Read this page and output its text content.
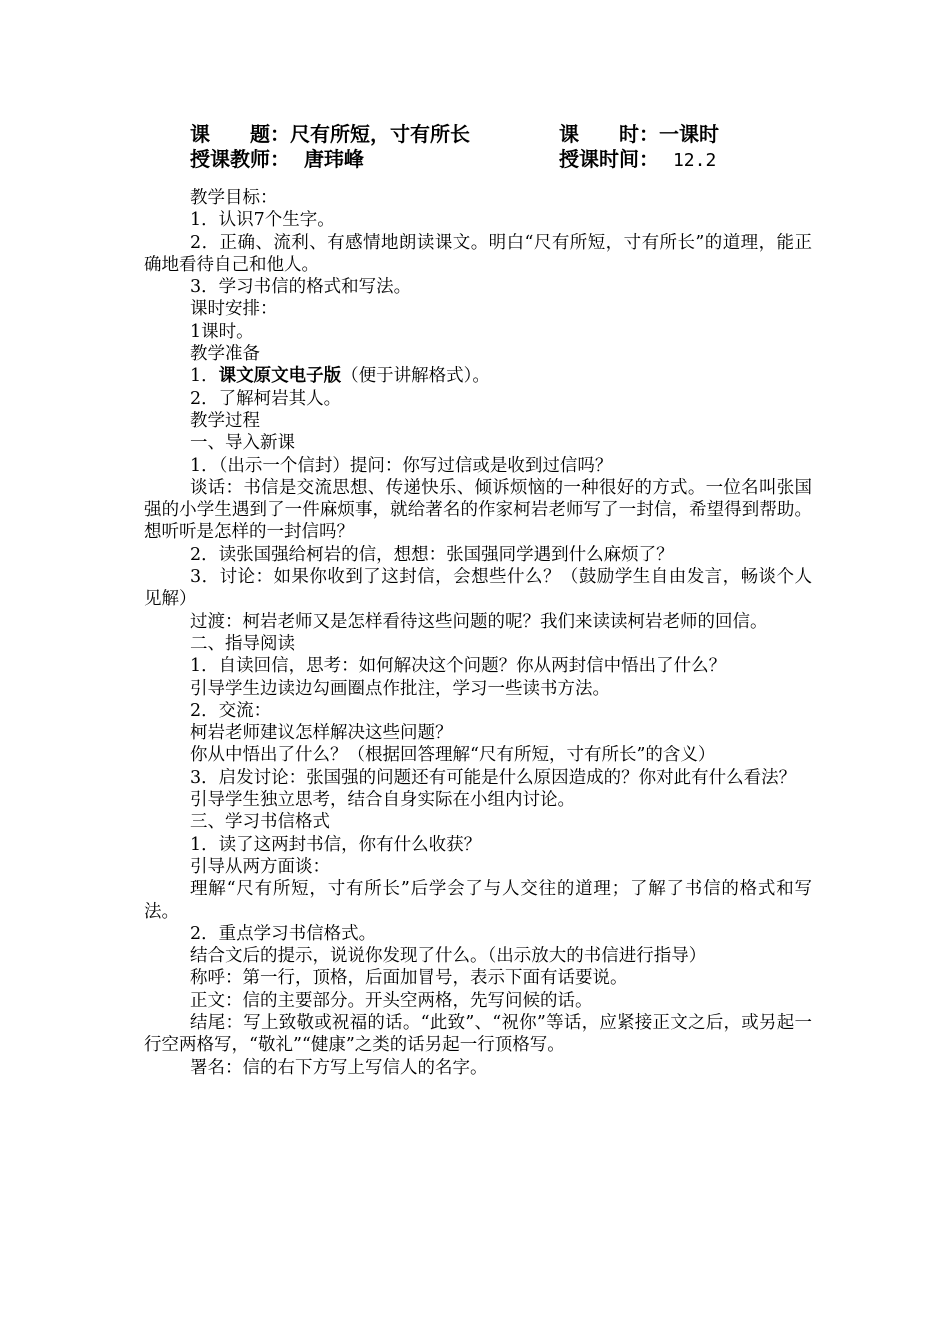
课　　题：尺有所短，寸有所长	课　　时：一课时
授课教师： 唐玮峰	授课时间： 12.2

教学目标：

1．认识7个生字。

2．正确、流利、有感情地朗读课文。明白“尺有所短，寸有所长”的道理，能正确地看待自己和他人。

3．学习书信的格式和写法。

课时安排：

1课时。

教学准备

1．课文原文电子版（便于讲解格式）。

2．了解柯岩其人。

教学过程

一、导入新课

1．（出示一个信封）提问：你写过信或是收到过信吗？

谈话：书信是交流思想、传递快乐、倾诉烦恼的一种很好的方式。一位名叫张国强的小学生遇到了一件麻烦事，就给著名的作家柯岩老师写了一封信，希望得到帮助。想听听是怎样的一封信吗？

2．读张国强给柯岩的信，想想：张国强同学遇到什么麻烦了？

3．讨论：如果你收到了这封信，会想些什么？（鼓励学生自由发言，畅谈个人见解）

过渡：柯岩老师又是怎样看待这些问题的呢？我们来读读柯岩老师的回信。

二、指导阅读

1．自读回信，思考：如何解决这个问题？你从两封信中悟出了什么？

引导学生边读边勾画圈点作批注，学习一些读书方法。

2．交流：

柯岩老师建议怎样解决这些问题？

你从中悟出了什么？（根据回答理解“尺有所短，寸有所长”的含义）

3．启发讨论：张国强的问题还有可能是什么原因造成的？你对此有什么看法？

引导学生独立思考，结合自身实际在小组内讨论。

三、学习书信格式

1．读了这两封书信，你有什么收获？

引导从两方面谈：

理解“尺有所短，寸有所长”后学会了与人交往的道理；了解了书信的格式和写法。

2．重点学习书信格式。

结合文后的提示，说说你发现了什么。（出示放大的书信进行指导）

称呼：第一行，顶格，后面加冒号，表示下面有话要说。

正文：信的主要部分。开头空两格，先写问候的话。

结尾：写上致敬或祝福的话。“此致”、“祝你”等话，应紧接正文之后，或另起一行空两格写，“敬礼”“健康”之类的话另起一行顶格写。

署名：信的右下方写上写信人的名字。
